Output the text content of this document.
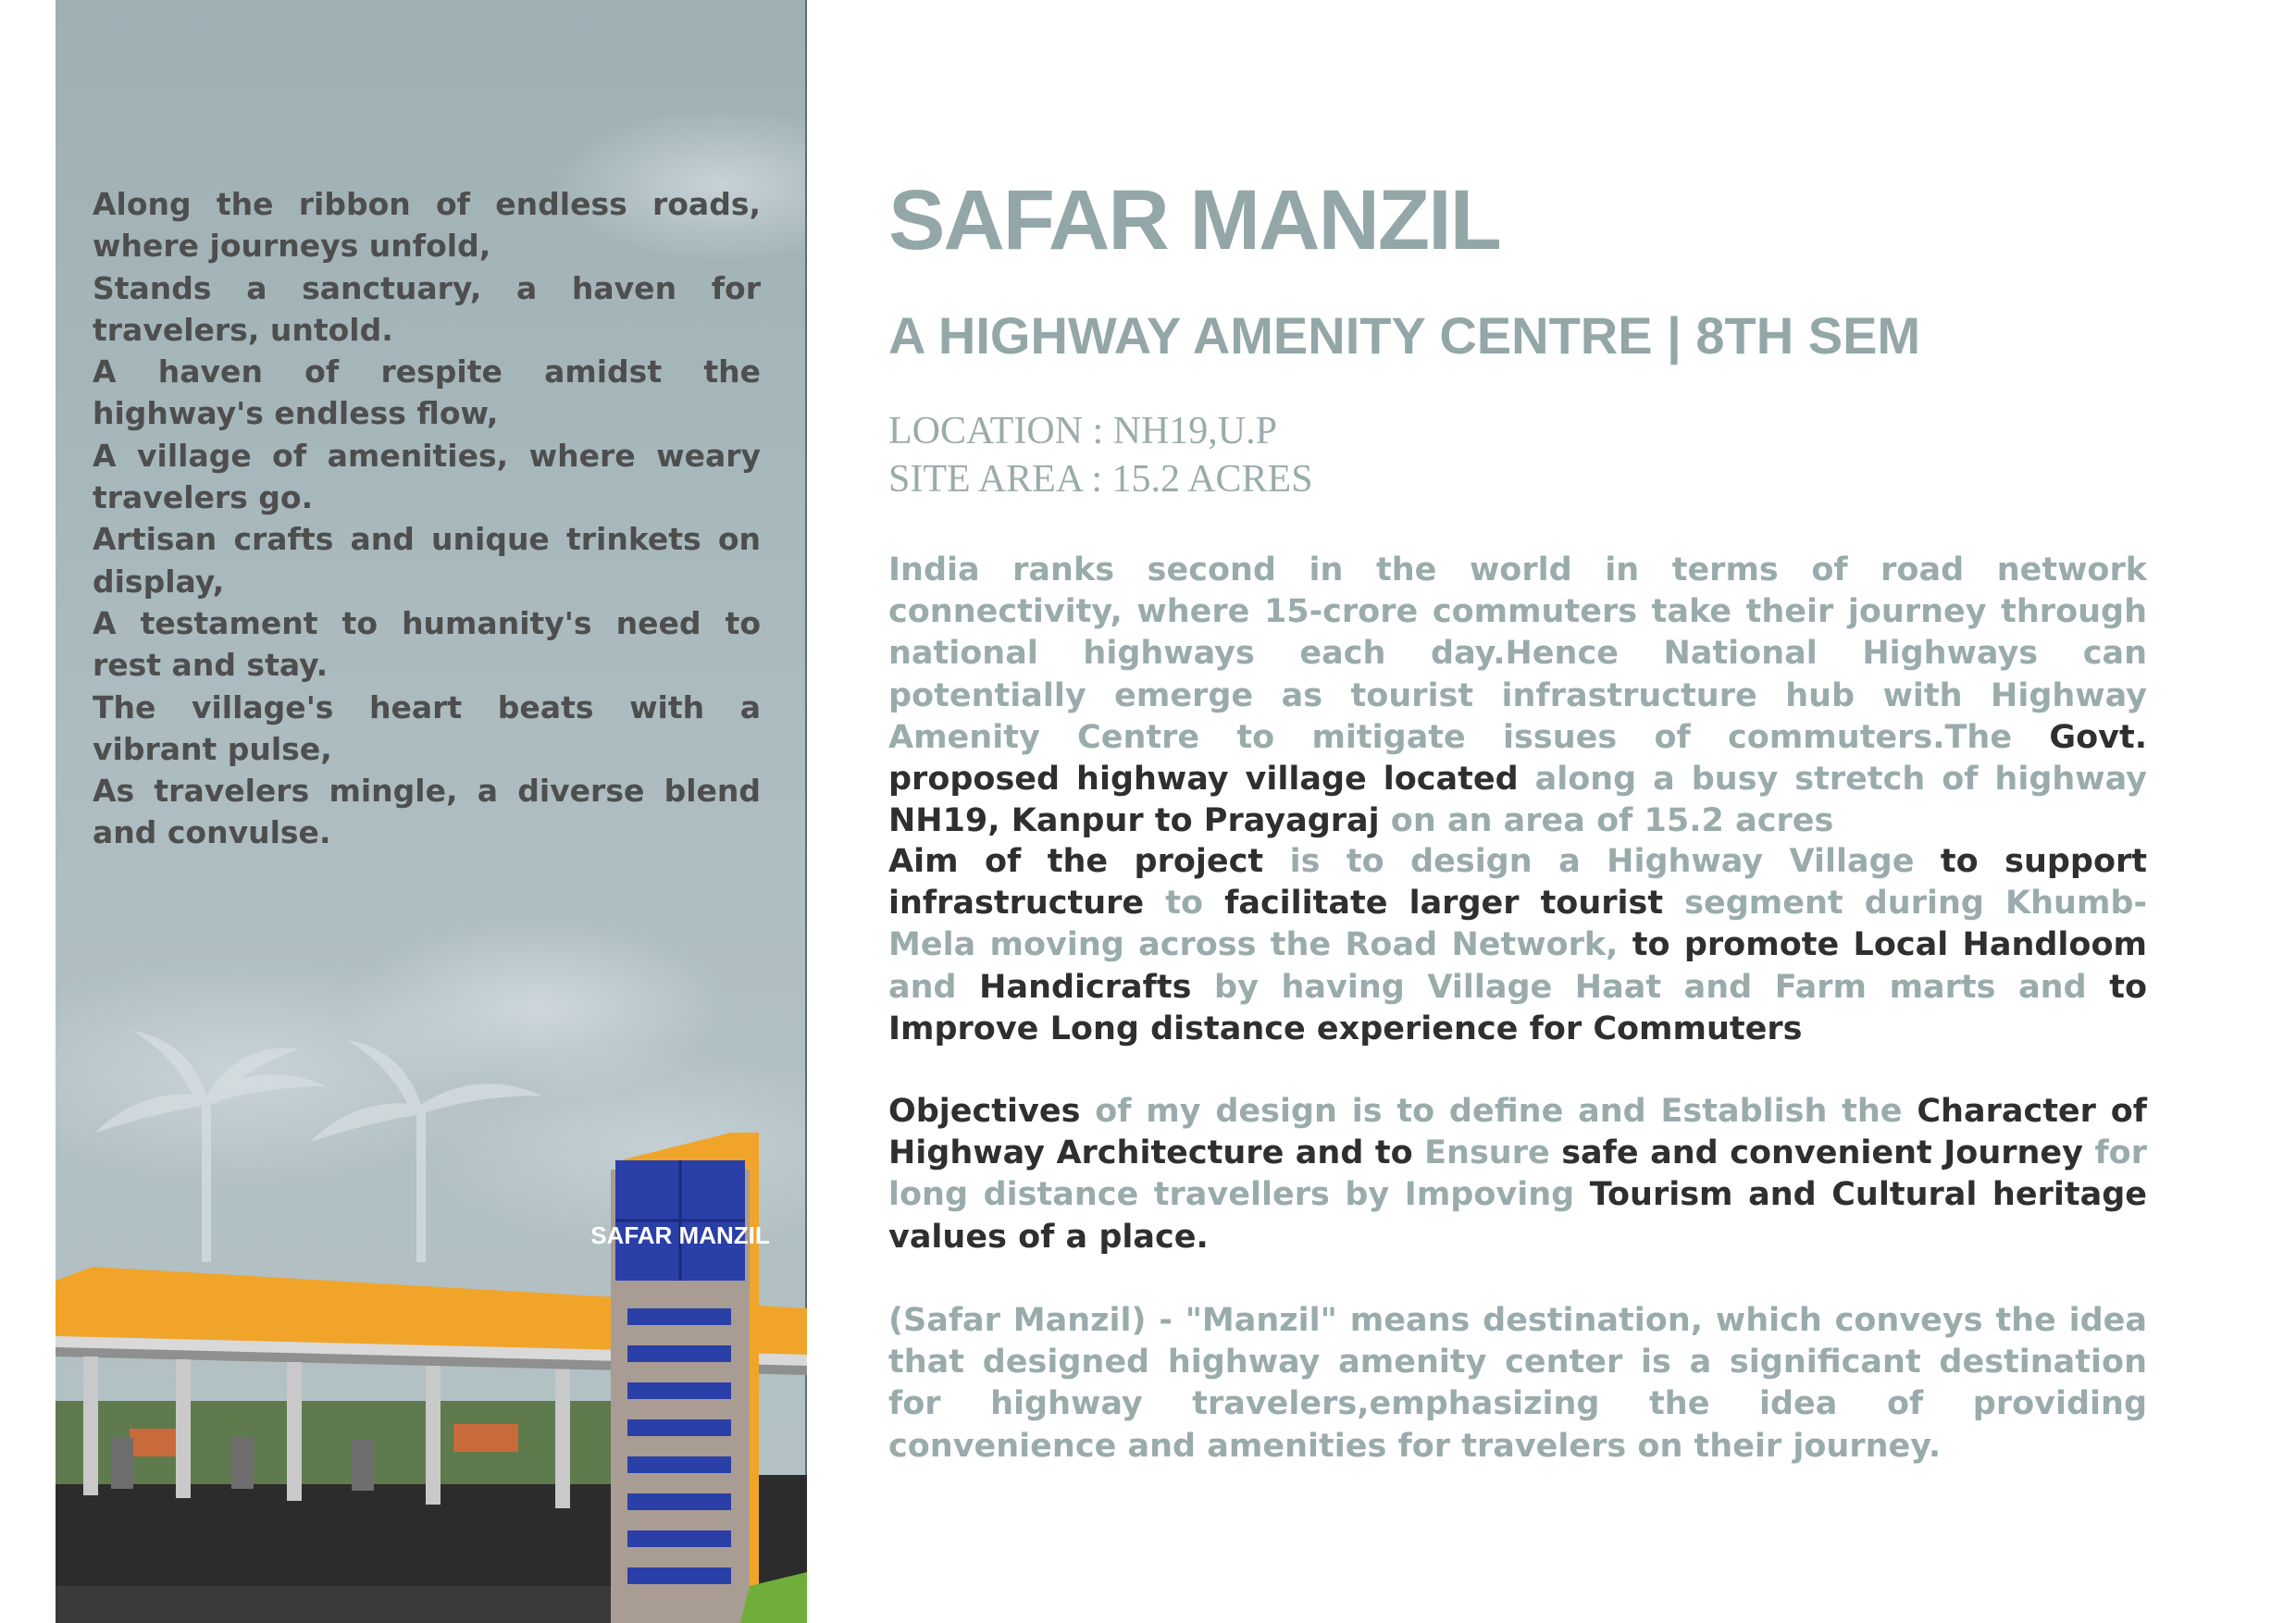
Along the ribbon of endless roads, where journeys unfold,
Stands a sanctuary, a haven for travelers, untold.
A haven of respite amidst the highway's endless flow,
A village of amenities, where weary travelers go.
Artisan crafts and unique trinkets on display,
A testament to humanity's need to rest and stay.
The village's heart beats with a vibrant pulse,
As travelers mingle, a diverse blend and convulse.
SAFAR MANZIL
SAFAR MANZIL
A HIGHWAY AMENITY CENTRE | 8TH SEM
LOCATION : NH19,U.P
SITE AREA : 15.2 ACRES

India ranks second in the world in terms of road network connectivity, where 15-crore commuters take their journey through national highways each day.Hence National Highways can potentially emerge as tourist infrastructure hub with Highway Amenity Centre to mitigate issues of commuters.The Govt. proposed highway village located along a busy stretch of highway NH19, Kanpur to Prayagraj on an area of 15.2 acres

Aim of the project is to design a Highway Village to support infrastructure to facilitate larger tourist segment during Khumb-Mela moving across the Road Network, to promote Local Handloom and Handicrafts by having Village Haat and Farm marts and to Improve Long distance experience for Commuters

Objectives of my design is to define and Establish the Character of Highway Architecture and to Ensure safe and convenient Journey for long distance travellers by Impoving Tourism and Cultural heritage values of a place.

(Safar Manzil) - "Manzil" means destination, which conveys the idea that designed highway amenity center is a significant destination for highway travelers,emphasizing the idea of providing convenience and amenities for travelers on their journey.
